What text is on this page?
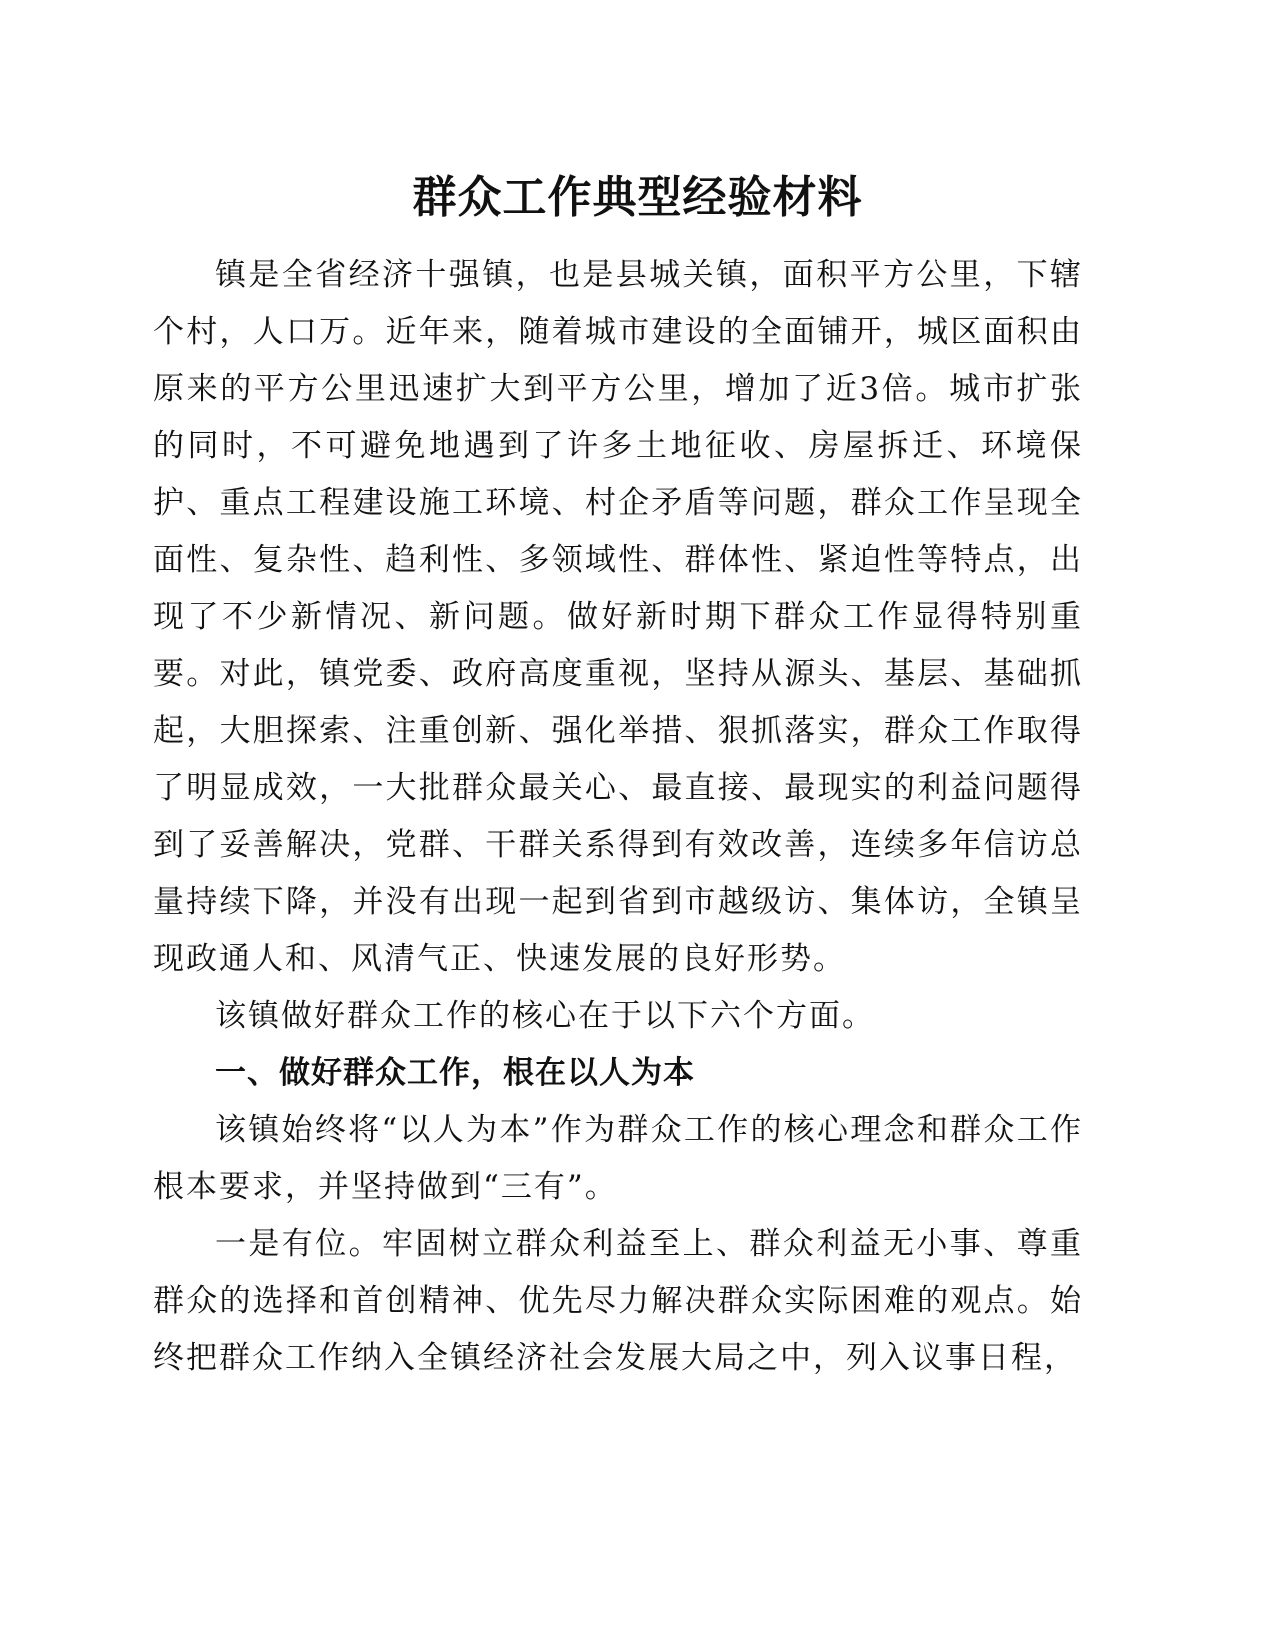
群众工作典型经验材料

镇是全省经济十强镇，也是县城关镇，面积平方公里，下辖个村，人口万。近年来，随着城市建设的全面铺开，城区面积由原来的平方公里迅速扩大到平方公里，增加了近3倍。城市扩张的同时，不可避免地遇到了许多土地征收、房屋拆迁、环境保护、重点工程建设施工环境、村企矛盾等问题，群众工作呈现全面性、复杂性、趋利性、多领域性、群体性、紧迫性等特点，出现了不少新情况、新问题。做好新时期下群众工作显得特别重要。对此，镇党委、政府高度重视，坚持从源头、基层、基础抓起，大胆探索、注重创新、强化举措、狠抓落实，群众工作取得了明显成效，一大批群众最关心、最直接、最现实的利益问题得到了妥善解决，党群、干群关系得到有效改善，连续多年信访总量持续下降，并没有出现一起到省到市越级访、集体访，全镇呈现政通人和、风清气正、快速发展的良好形势。

该镇做好群众工作的核心在于以下六个方面。

一、做好群众工作，根在以人为本

该镇始终将“以人为本”作为群众工作的核心理念和群众工作根本要求，并坚持做到“三有”。

一是有位。牢固树立群众利益至上、群众利益无小事、尊重群众的选择和首创精神、优先尽力解决群众实际困难的观点。始终把群众工作纳入全镇经济社会发展大局之中，列入议事日程，
